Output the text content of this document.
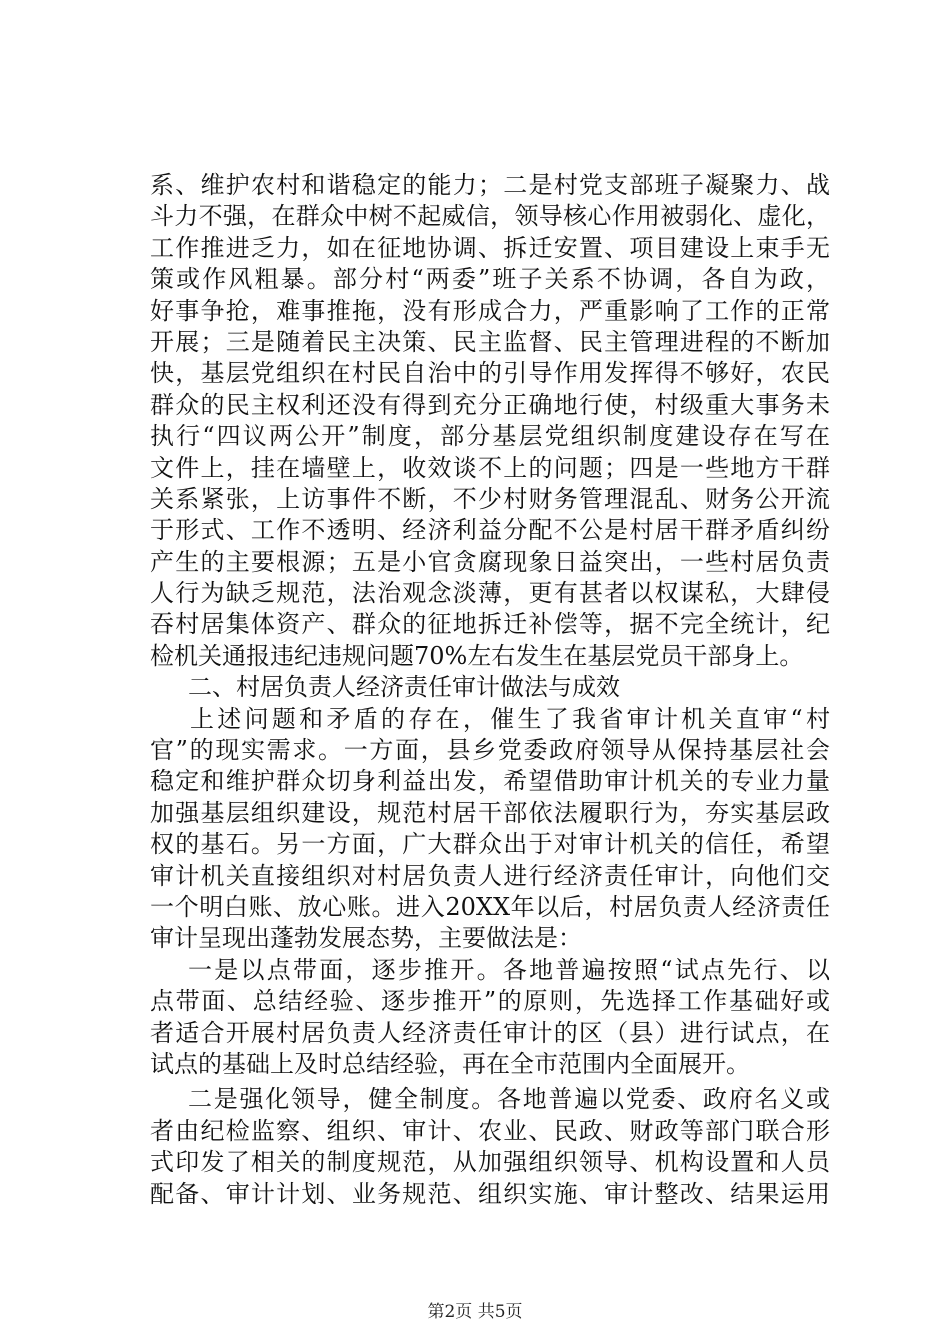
系、维护农村和谐稳定的能力；二是村党支部班子凝聚力、战
斗力不强，在群众中树不起威信，领导核心作用被弱化、虚化，
工作推进乏力，如在征地协调、拆迁安置、项目建设上束手无
策或作风粗暴。部分村“两委”班子关系不协调，各自为政，
好事争抢，难事推拖，没有形成合力，严重影响了工作的正常
开展；三是随着民主决策、民主监督、民主管理进程的不断加
快，基层党组织在村民自治中的引导作用发挥得不够好，农民
群众的民主权利还没有得到充分正确地行使，村级重大事务未
执行“四议两公开”制度，部分基层党组织制度建设存在写在
文件上，挂在墙壁上，收效谈不上的问题；四是一些地方干群
关系紧张，上访事件不断，不少村财务管理混乱、财务公开流
于形式、工作不透明、经济利益分配不公是村居干群矛盾纠纷
产生的主要根源；五是小官贪腐现象日益突出，一些村居负责
人行为缺乏规范，法治观念淡薄，更有甚者以权谋私，大肆侵
吞村居集体资产、群众的征地拆迁补偿等，据不完全统计，纪
检机关通报违纪违规问题70%左右发生在基层党员干部身上。
二、村居负责人经济责任审计做法与成效
上述问题和矛盾的存在，催生了我省审计机关直审“村
官”的现实需求。一方面，县乡党委政府领导从保持基层社会
稳定和维护群众切身利益出发，希望借助审计机关的专业力量
加强基层组织建设，规范村居干部依法履职行为，夯实基层政
权的基石。另一方面，广大群众出于对审计机关的信任，希望
审计机关直接组织对村居负责人进行经济责任审计，向他们交
一个明白账、放心账。进入20XX年以后，村居负责人经济责任
审计呈现出蓬勃发展态势，主要做法是：
一是以点带面，逐步推开。各地普遍按照“试点先行、以
点带面、总结经验、逐步推开”的原则，先选择工作基础好或
者适合开展村居负责人经济责任审计的区（县）进行试点，在
试点的基础上及时总结经验，再在全市范围内全面展开。
二是强化领导，健全制度。各地普遍以党委、政府名义或
者由纪检监察、组织、审计、农业、民政、财政等部门联合形
式印发了相关的制度规范，从加强组织领导、机构设置和人员
配备、审计计划、业务规范、组织实施、审计整改、结果运用
第2页 共5页
